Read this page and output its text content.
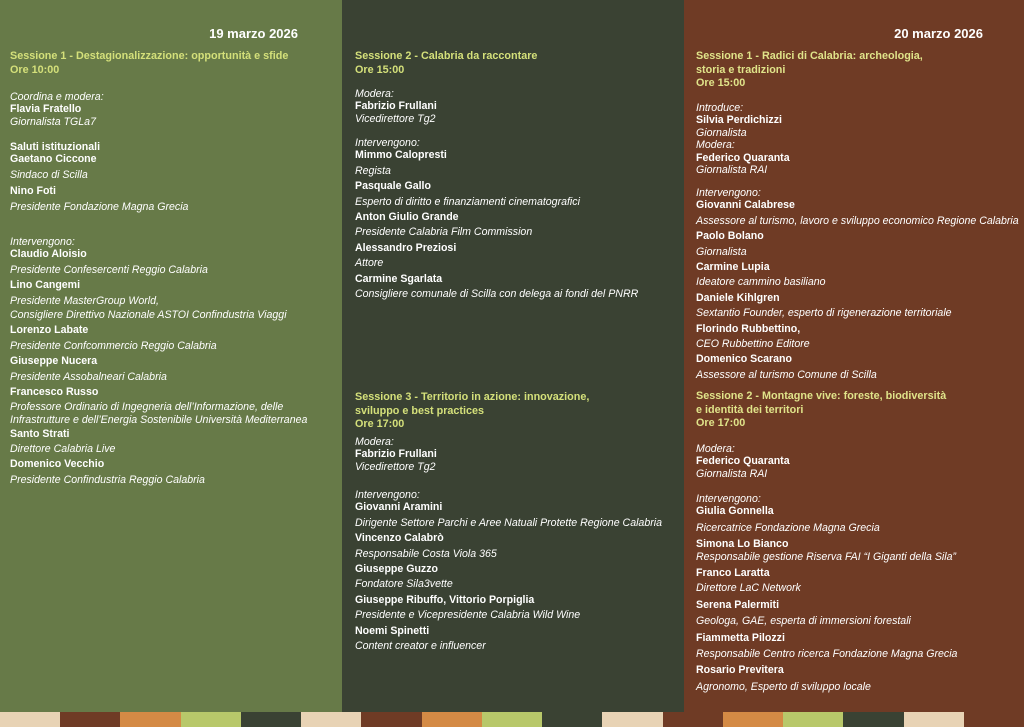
19 marzo 2026
Sessione 1 - Destagionalizzazione: opportunità e sfide
Ore 10:00
Coordina e modera:
Flavia Fratello
Giornalista TGLa7
Saluti istituzionali
Gaetano Ciccone
Sindaco di Scilla
Nino Foti
Presidente Fondazione Magna Grecia
Intervengono:
Claudio Aloisio
Presidente Confesercenti Reggio Calabria
Lino Cangemi
Presidente MasterGroup World,
Consigliere Direttivo Nazionale ASTOI Confindustria Viaggi
Lorenzo Labate
Presidente Confcommercio Reggio Calabria
Giuseppe Nucera
Presidente Assobalneari Calabria
Francesco Russo
Professore Ordinario di Ingegneria dell’Informazione, delle
Infrastrutture e dell’Energia Sostenibile Università Mediterranea
Santo Strati
Direttore Calabria Live
Domenico Vecchio
Presidente Confindustria Reggio Calabria
Sessione 2 - Calabria da raccontare
Ore 15:00
Modera:
Fabrizio Frullani
Vicedirettore Tg2
Intervengono:
Mimmo Calopresti
Regista
Pasquale Gallo
Esperto di diritto e finanziamenti cinematografici
Anton Giulio Grande
Presidente Calabria Film Commission
Alessandro Preziosi
Attore
Carmine Sgarlata
Consigliere comunale di Scilla con delega ai fondi del PNRR
Sessione 3 - Territorio in azione: innovazione,
sviluppo e best practices
Ore 17:00
Modera:
Fabrizio Frullani
Vicedirettore Tg2
Intervengono:
Giovanni Aramini
Dirigente Settore Parchi e Aree Natuali Protette Regione Calabria
Vincenzo Calabrò
Responsabile Costa Viola 365
Giuseppe Guzzo
Fondatore Sila3vette
Giuseppe Ribuffo, Vittorio Porpiglia
Presidente e Vicepresidente Calabria Wild Wine
Noemi Spinetti
Content creator e influencer
20 marzo 2026
Sessione 1 - Radici di Calabria: archeologia,
storia e tradizioni
Ore 15:00
Introduce:
Silvia Perdichizzi
Giornalista
Modera:
Federico Quaranta
Giornalista RAI
Intervengono:
Giovanni Calabrese
Assessore al turismo, lavoro e sviluppo economico Regione Calabria
Paolo Bolano
Giornalista
Carmine Lupia
Ideatore cammino basiliano
Daniele Kihlgren
Sextantio Founder, esperto di rigenerazione territoriale
Florindo Rubbettino,
CEO Rubbettino Editore
Domenico Scarano
Assessore al turismo Comune di Scilla
Sessione 2 - Montagne vive: foreste, biodiversità
e identità dei territori
Ore 17:00
Modera:
Federico Quaranta
Giornalista RAI
Intervengono:
Giulia Gonnella
Ricercatrice Fondazione Magna Grecia
Simona Lo Bianco
Responsabile gestione Riserva FAI “I Giganti della Sila”
Franco Laratta
Direttore LaC Network
Serena Palermiti
Geologa, GAE, esperta di immersioni forestali
Fiammetta Pilozzi
Responsabile Centro ricerca Fondazione Magna Grecia
Rosario Previtera
Agronomo, Esperto di sviluppo locale
